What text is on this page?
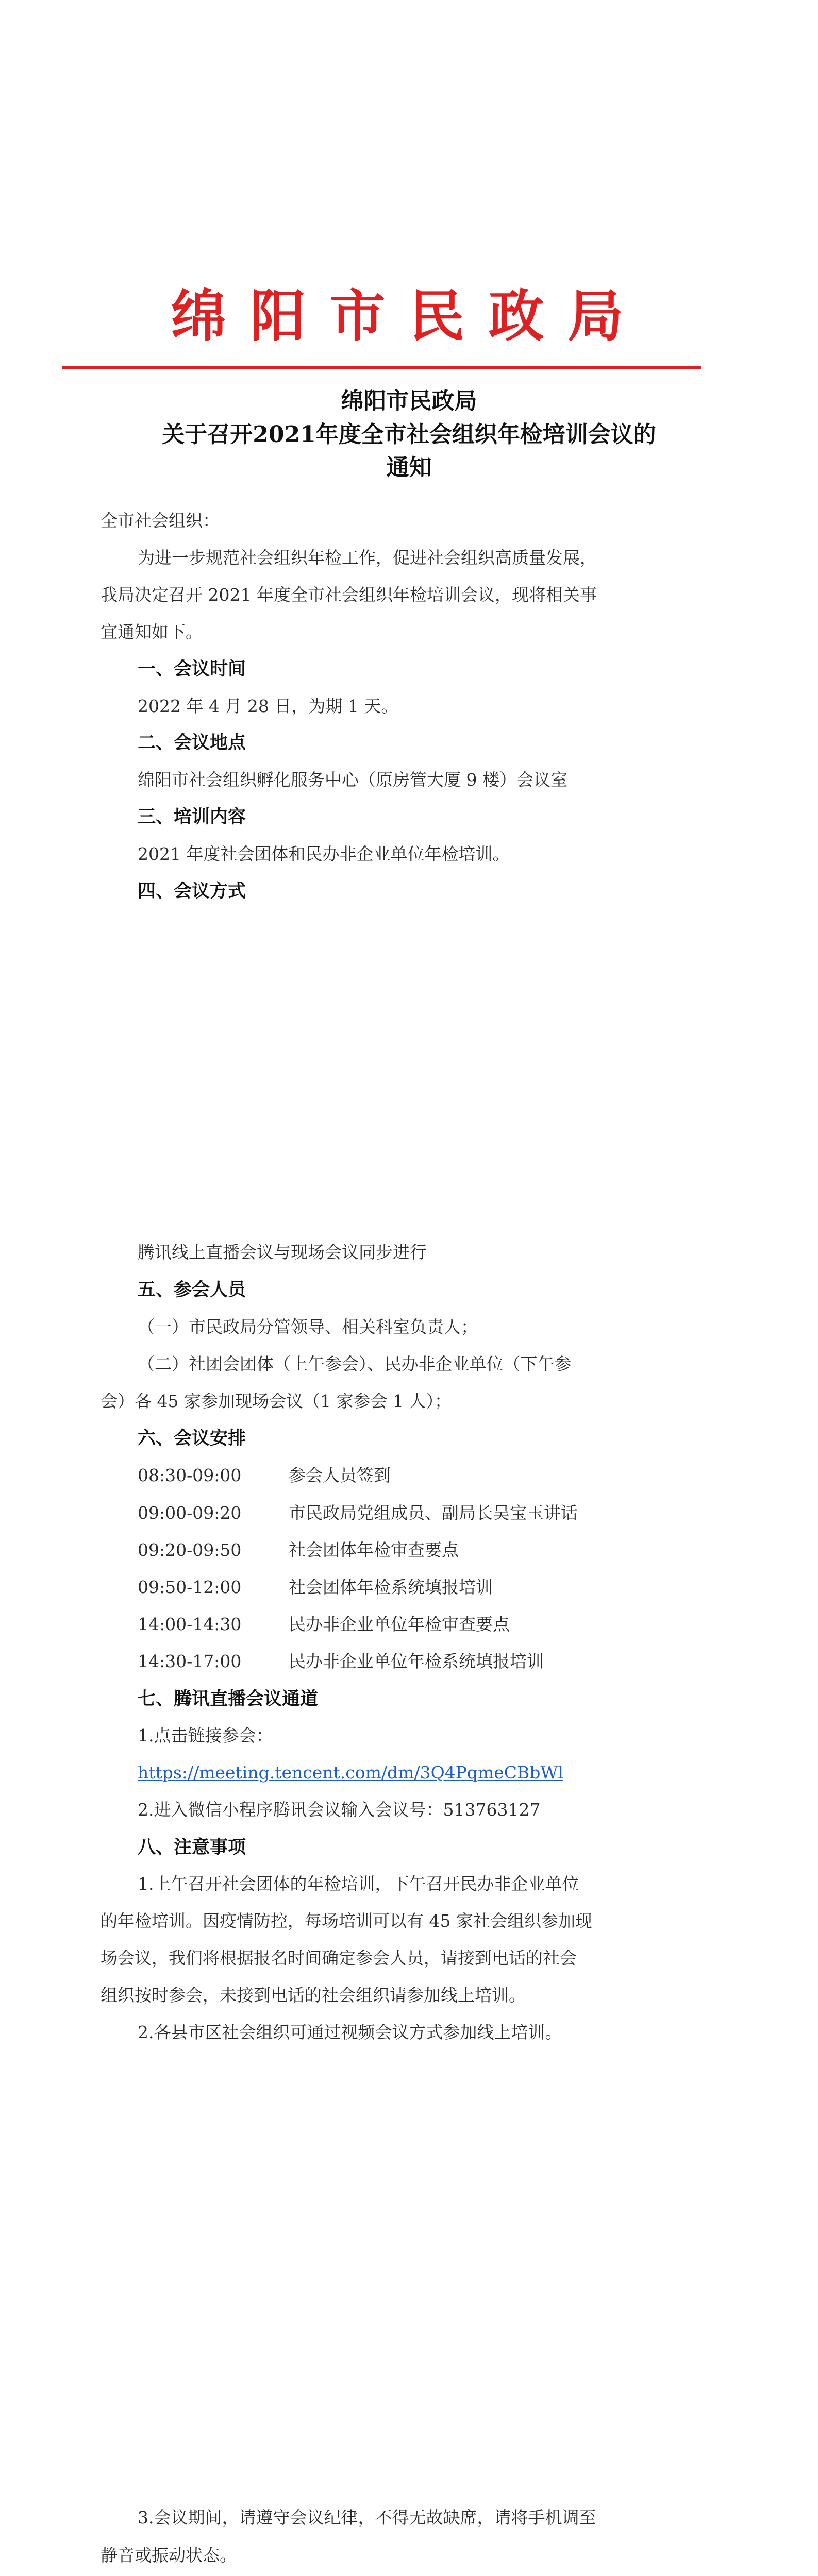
绵阳市民政局
绵阳市民政局
关于召开2021年度全市社会组织年检培训会议的
通知
全市社会组织：
为进一步规范社会组织年检工作，促进社会组织高质量发展，
我局决定召开 2021 年度全市社会组织年检培训会议，现将相关事
宜通知如下。
一、会议时间
2022 年 4 月 28 日，为期 1 天。
二、会议地点
绵阳市社会组织孵化服务中心（原房管大厦 9 楼）会议室
三、培训内容
2021 年度社会团体和民办非企业单位年检培训。
四、会议方式
腾讯线上直播会议与现场会议同步进行
五、参会人员
（一）市民政局分管领导、相关科室负责人；
（二）社团会团体（上午参会）、民办非企业单位（下午参
会）各 45 家参加现场会议（1 家参会 1 人）；
六、会议安排
08:30-09:00	参会人员签到
09:00-09:20	市民政局党组成员、副局长吴宝玉讲话
09:20-09:50	社会团体年检审查要点
09:50-12:00	社会团体年检系统填报培训
14:00-14:30	民办非企业单位年检审查要点
14:30-17:00	民办非企业单位年检系统填报培训
七、腾讯直播会议通道
1.点击链接参会：
https://meeting.tencent.com/dm/3Q4PqmeCBbWl
2.进入微信小程序腾讯会议输入会议号：513763127
八、注意事项
1.上午召开社会团体的年检培训，下午召开民办非企业单位
的年检培训。因疫情防控，每场培训可以有 45 家社会组织参加现
场会议，我们将根据报名时间确定参会人员，请接到电话的社会
组织按时参会，未接到电话的社会组织请参加线上培训。
2.各县市区社会组织可通过视频会议方式参加线上培训。
3.会议期间，请遵守会议纪律，不得无故缺席，请将手机调至
静音或振动状态。
